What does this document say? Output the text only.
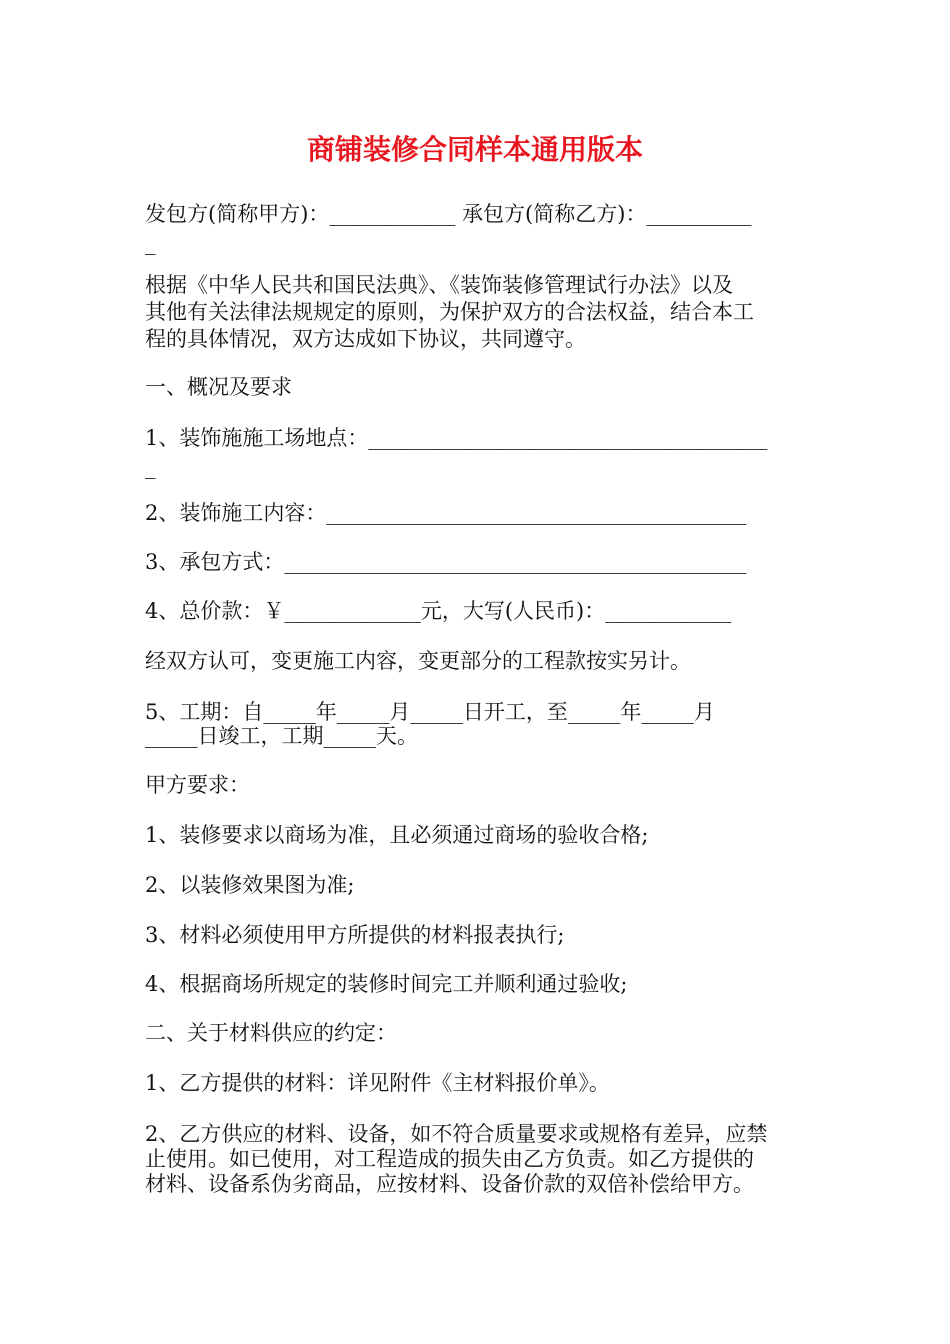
商铺装修合同样本通用版本
发包方(简称甲方)：____________ 承包方(简称乙方)：__________
_
根据《中华人民共和国民法典》、《装饰装修管理试行办法》以及
其他有关法律法规规定的原则，为保护双方的合法权益，结合本工
程的具体情况，双方达成如下协议，共同遵守。
一、概况及要求
1、装饰施施工场地点：______________________________________
_
2、装饰施工内容：________________________________________
3、承包方式：____________________________________________
4、总价款：￥_____________元，大写(人民币)：____________
经双方认可，变更施工内容，变更部分的工程款按实另计。
5、工期：自_____年_____月_____日开工，至_____年_____月
_____日竣工，工期_____天。
甲方要求：
1、装修要求以商场为准，且必须通过商场的验收合格;
2、以装修效果图为准;
3、材料必须使用甲方所提供的材料报表执行;
4、根据商场所规定的装修时间完工并顺利通过验收;
二、关于材料供应的约定：
1、乙方提供的材料：详见附件《主材料报价单》。
2、乙方供应的材料、设备，如不符合质量要求或规格有差异，应禁
止使用。如已使用，对工程造成的损失由乙方负责。如乙方提供的
材料、设备系伪劣商品，应按材料、设备价款的双倍补偿给甲方。
